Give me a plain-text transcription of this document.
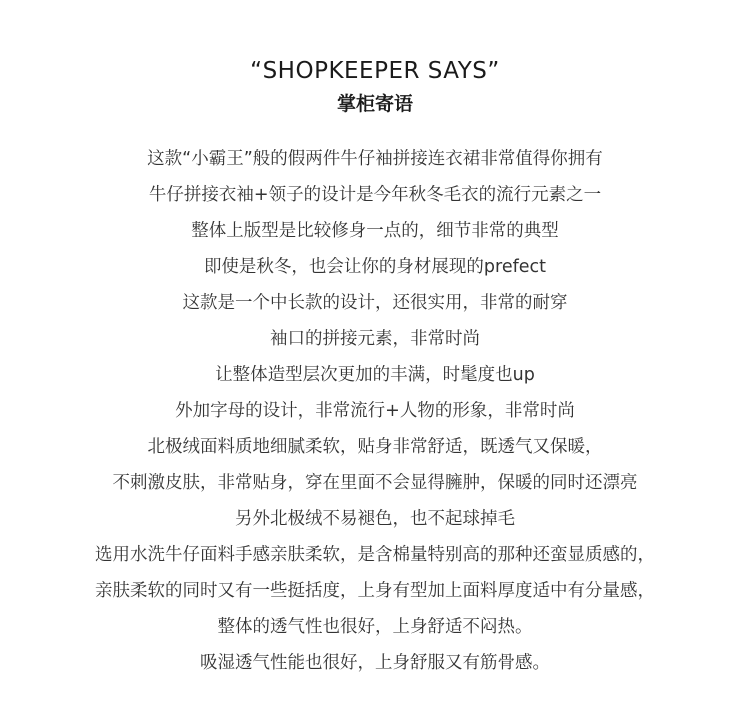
“SHOPKEEPER SAYS”
掌柜寄语
这款“小霸王”般的假两件牛仔袖拼接连衣裙非常值得你拥有
牛仔拼接衣袖+领子的设计是今年秋冬毛衣的流行元素之一
整体上版型是比较修身一点的，细节非常的典型
即使是秋冬，也会让你的身材展现的prefect
这款是一个中长款的设计，还很实用，非常的耐穿
袖口的拼接元素，非常时尚
让整体造型层次更加的丰满，时髦度也up
外加字母的设计，非常流行+人物的形象，非常时尚
北极绒面料质地细腻柔软，贴身非常舒适，既透气又保暖，
不刺激皮肤，非常贴身，穿在里面不会显得臃肿，保暖的同时还漂亮
另外北极绒不易褪色，也不起球掉毛
选用水洗牛仔面料手感亲肤柔软，是含棉量特别高的那种还蛮显质感的，
亲肤柔软的同时又有一些挺括度，上身有型加上面料厚度适中有分量感，
整体的透气性也很好，上身舒适不闷热。
吸湿透气性能也很好，上身舒服又有筋骨感。
